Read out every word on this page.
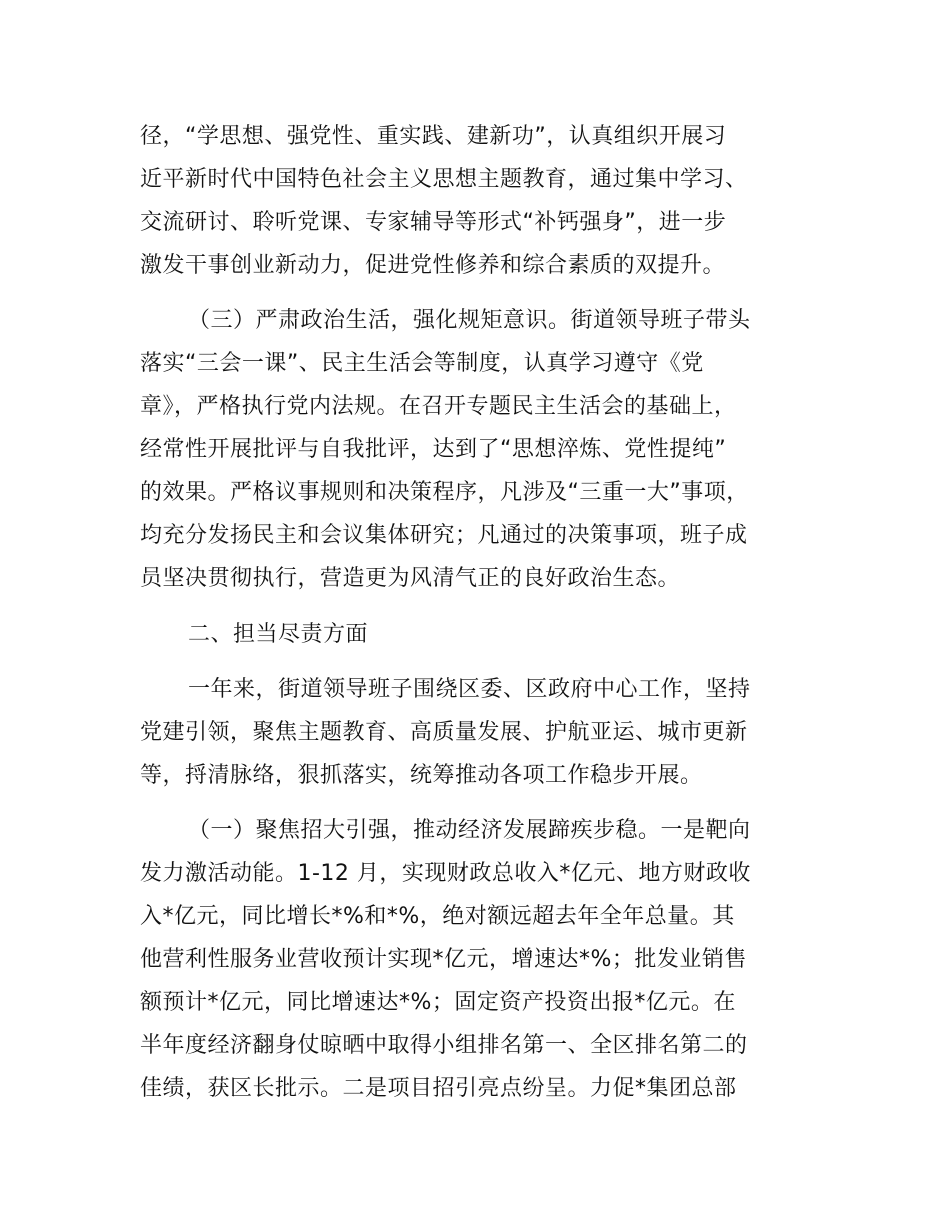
径，“学思想、强党性、重实践、建新功”，认真组织开展习
近平新时代中国特色社会主义思想主题教育，通过集中学习、
交流研讨、聆听党课、专家辅导等形式“补钙强身”，进一步
激发干事创业新动力，促进党性修养和综合素质的双提升。
（三）严肃政治生活，强化规矩意识。街道领导班子带头
落实“三会一课”、民主生活会等制度，认真学习遵守《党
章》，严格执行党内法规。在召开专题民主生活会的基础上，
经常性开展批评与自我批评，达到了“思想淬炼、党性提纯”
的效果。严格议事规则和决策程序，凡涉及“三重一大”事项，
均充分发扬民主和会议集体研究；凡通过的决策事项，班子成
员坚决贯彻执行，营造更为风清气正的良好政治生态。
二、担当尽责方面
一年来，街道领导班子围绕区委、区政府中心工作，坚持
党建引领，聚焦主题教育、高质量发展、护航亚运、城市更新
等，捋清脉络，狠抓落实，统筹推动各项工作稳步开展。
（一）聚焦招大引强，推动经济发展蹄疾步稳。一是靶向
发力激活动能。1-12 月，实现财政总收入*亿元、地方财政收
入*亿元，同比增长*%和*%，绝对额远超去年全年总量。其
他营利性服务业营收预计实现*亿元，增速达*%；批发业销售
额预计*亿元，同比增速达*%；固定资产投资出报*亿元。在
半年度经济翻身仗晾晒中取得小组排名第一、全区排名第二的
佳绩，获区长批示。二是项目招引亮点纷呈。力促*集团总部
